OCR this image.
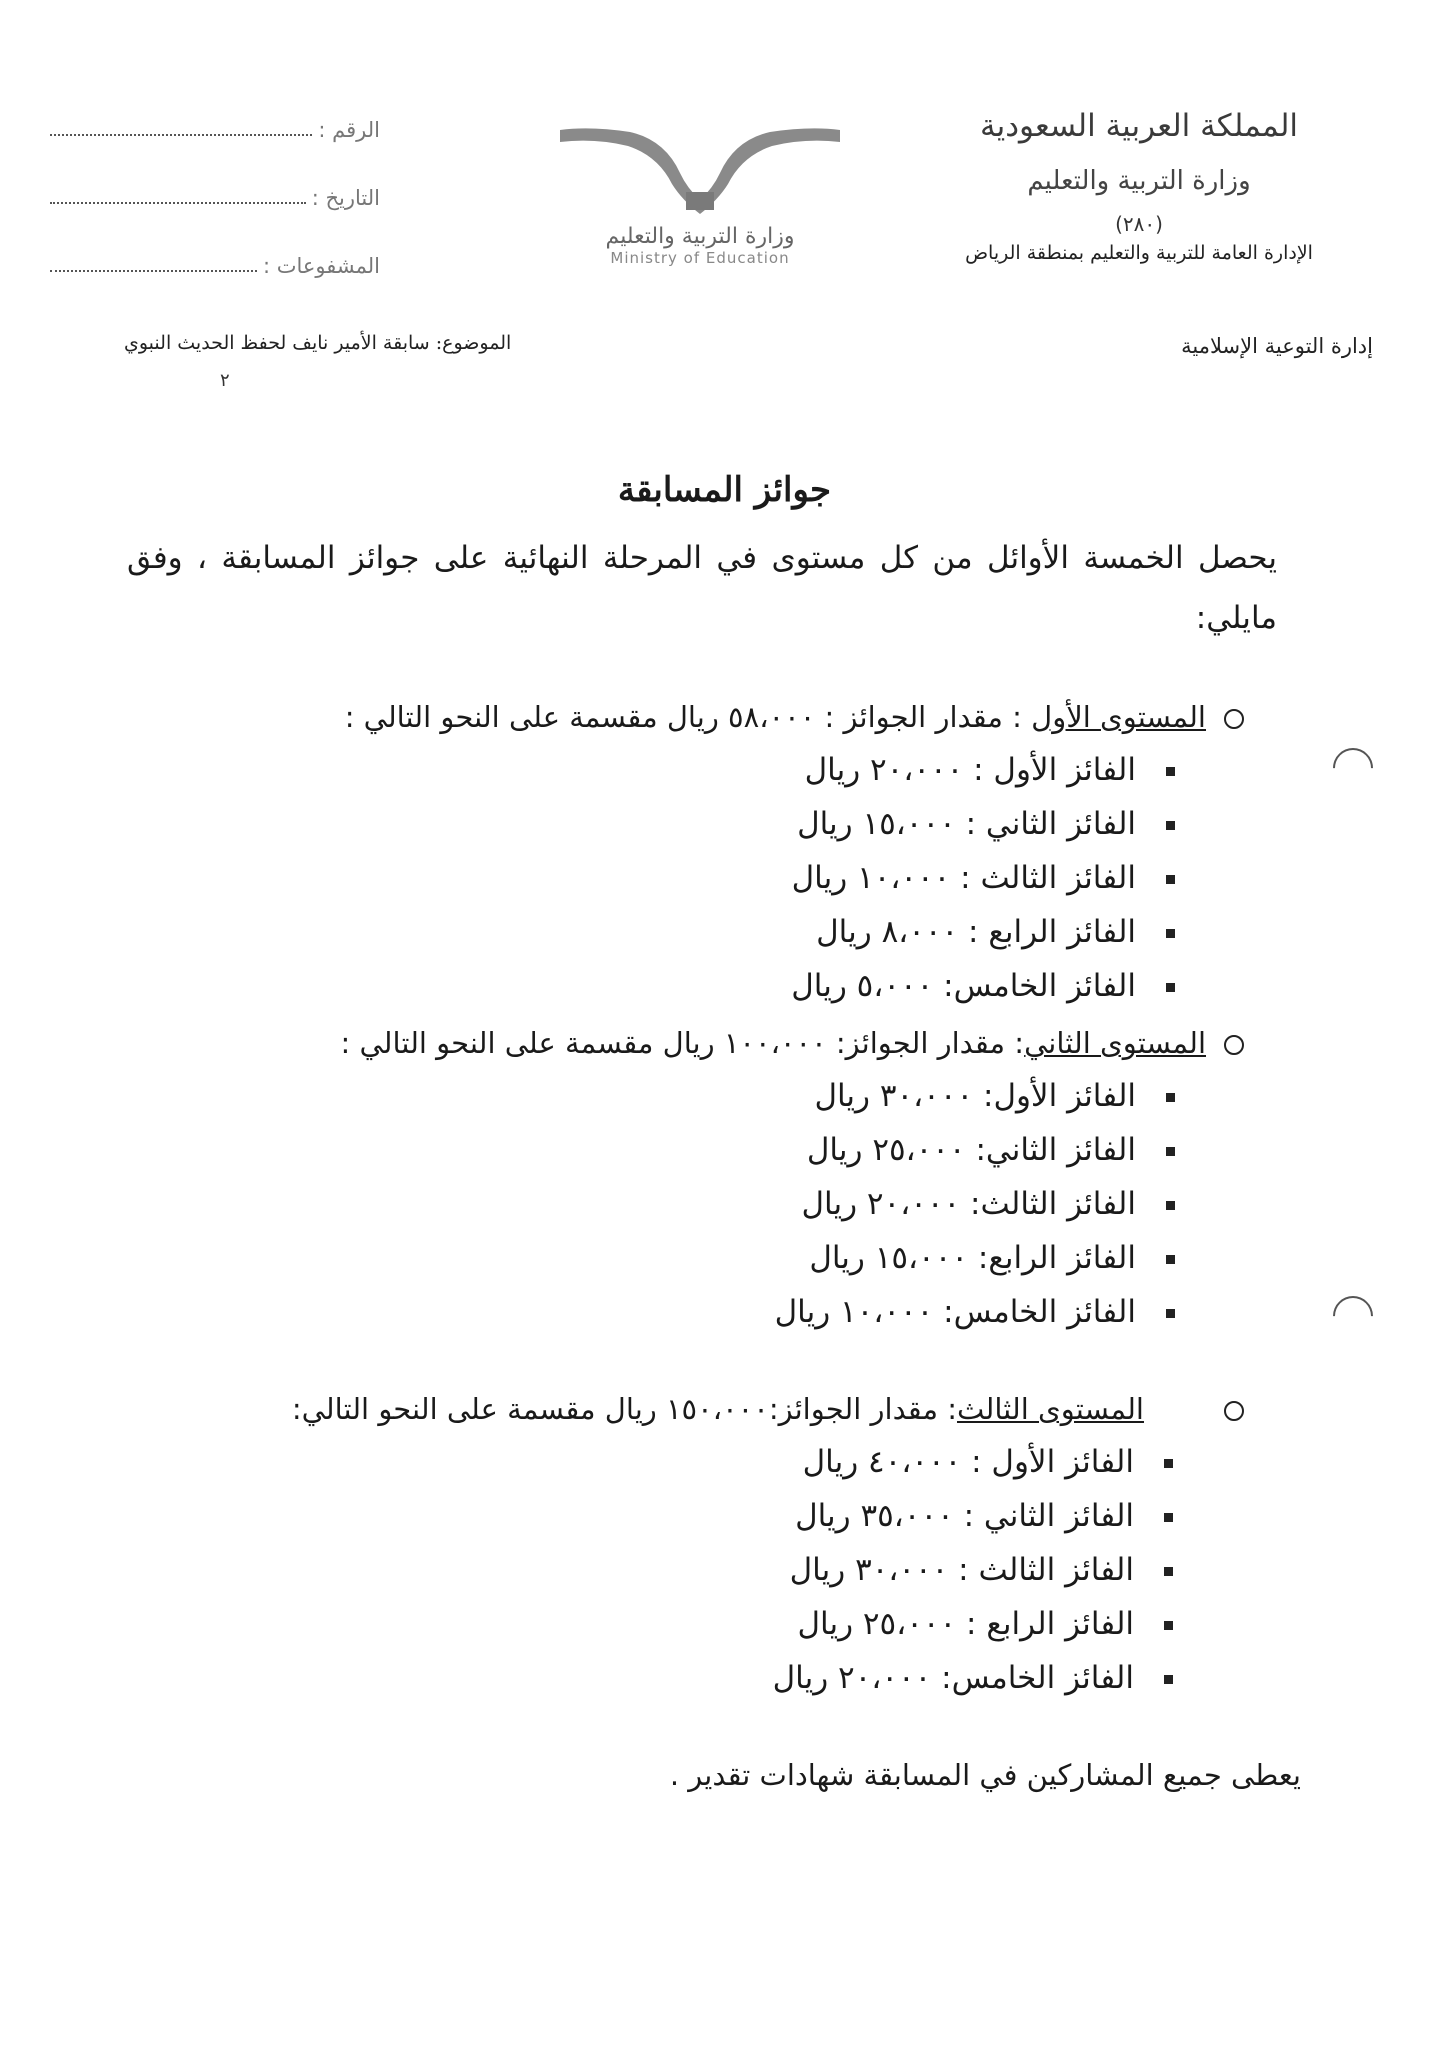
المملكة العربية السعودية
وزارة التربية والتعليم
(٢٨٠)
الإدارة العامة للتربية والتعليم بمنطقة الرياض
وزارة التربية والتعليم
Ministry of Education
الرقم :
التاريخ :
المشفوعات :
إدارة التوعية الإسلامية
الموضوع: سابقة الأمير نايف لحفظ الحديث النبوي
٢
جوائز المسابقة
يحصل الخمسة الأوائل من كل مستوى في المرحلة النهائية على جوائز المسابقة ، وفق مايلي:
المستوى الأول : مقدار الجوائز : ٥٨،٠٠٠ ريال مقسمة على النحو التالي :
الفائز الأول : ٢٠،٠٠٠ ريال
الفائز الثاني : ١٥،٠٠٠ ريال
الفائز الثالث : ١٠،٠٠٠ ريال
الفائز الرابع : ٨،٠٠٠ ريال
الفائز الخامس: ٥،٠٠٠ ريال
المستوى الثاني: مقدار الجوائز: ١٠٠،٠٠٠ ريال مقسمة على النحو التالي :
الفائز الأول: ٣٠،٠٠٠ ريال
الفائز الثاني: ٢٥،٠٠٠ ريال
الفائز الثالث: ٢٠،٠٠٠ ريال
الفائز الرابع: ١٥،٠٠٠ ريال
الفائز الخامس: ١٠،٠٠٠ ريال
المستوى الثالث: مقدار الجوائز:١٥٠،٠٠٠ ريال مقسمة على النحو التالي:
الفائز الأول : ٤٠،٠٠٠ ريال
الفائز الثاني : ٣٥،٠٠٠ ريال
الفائز الثالث : ٣٠،٠٠٠ ريال
الفائز الرابع : ٢٥،٠٠٠ ريال
الفائز الخامس: ٢٠،٠٠٠ ريال
يعطى جميع المشاركين في المسابقة شهادات تقدير .
